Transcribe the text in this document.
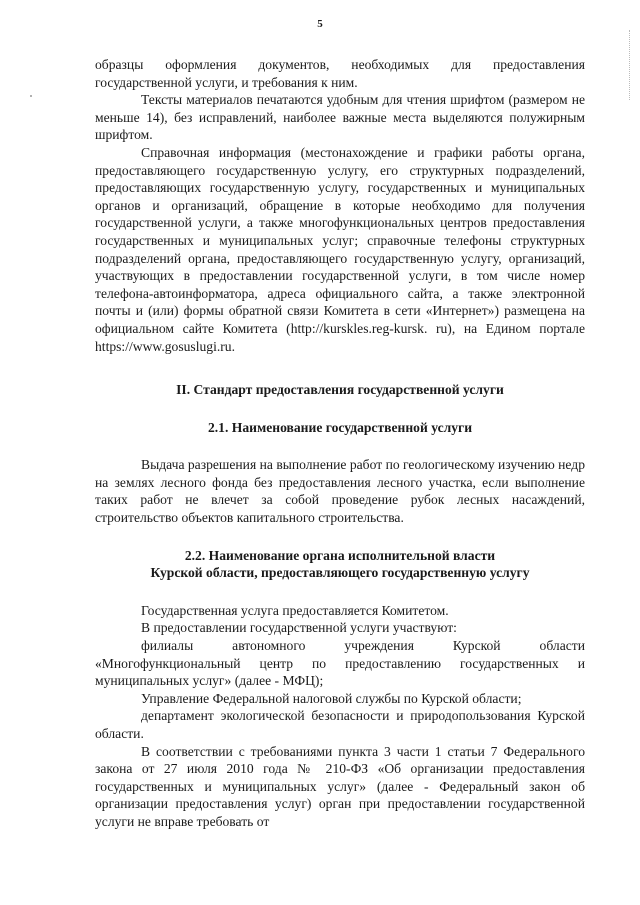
5

образцы оформления документов, необходимых для предоставления государственной услуги, и требования к ним.

Тексты материалов печатаются удобным для чтения шрифтом (размером не меньше 14), без исправлений, наиболее важные места выделяются полужирным шрифтом.

Справочная информация (местонахождение и графики работы органа, предоставляющего государственную услугу, его структурных подразделений, предоставляющих государственную услугу, государственных и муниципальных органов и организаций, обращение в которые необходимо для получения государственной услуги, а также многофункциональных центров предоставления государственных и муниципальных услуг; справочные телефоны структурных подразделений органа, предоставляющего государственную услугу, организаций, участвующих в предоставлении государственной услуги, в том числе номер телефона-автоинформатора, адреса официального сайта, а также электронной почты и (или) формы обратной связи Комитета в сети «Интернет») размещена на официальном сайте Комитета (http://kurskles.reg-kursk. ru), на Едином портале https://www.gosuslugi.ru.

II. Стандарт предоставления государственной услуги

2.1. Наименование государственной услуги

Выдача разрешения на выполнение работ по геологическому изучению недр на землях лесного фонда без предоставления лесного участка, если выполнение таких работ не влечет за собой проведение рубок лесных насаждений, строительство объектов капитального строительства.

2.2. Наименование органа исполнительной власти

Курской области, предоставляющего государственную услугу

Государственная услуга предоставляется Комитетом.

В предоставлении государственной услуги участвуют:

филиалы автономного учреждения Курской области «Многофункциональный центр по предоставлению государственных и муниципальных услуг» (далее - МФЦ);

Управление Федеральной налоговой службы по Курской области;

департамент экологической безопасности и природопользования Курской области.

В соответствии с требованиями пункта 3 части 1 статьи 7 Федерального закона от 27 июля 2010 года № 210-ФЗ «Об организации предоставления государственных и муниципальных услуг» (далее - Федеральный закон об организации предоставления услуг) орган при предоставлении государственной услуги не вправе требовать от
